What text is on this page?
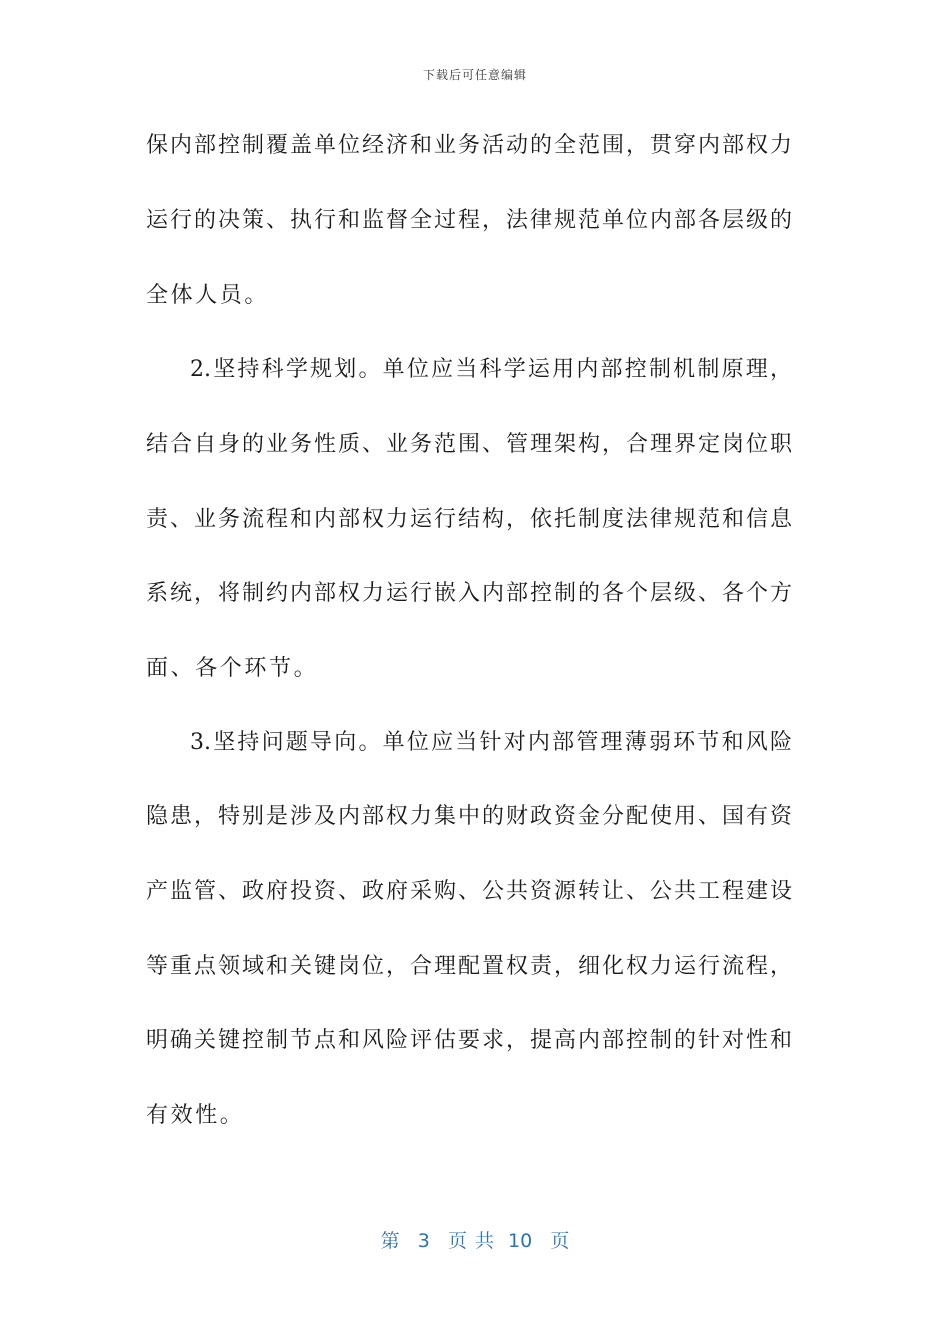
下载后可任意编辑
保内部控制覆盖单位经济和业务活动的全范围，贯穿内部权力
运行的决策、执行和监督全过程，法律规范单位内部各层级的
全体人员。
2.坚持科学规划。单位应当科学运用内部控制机制原理，
结合自身的业务性质、业务范围、管理架构，合理界定岗位职
责、业务流程和内部权力运行结构，依托制度法律规范和信息
系统，将制约内部权力运行嵌入内部控制的各个层级、各个方
面、各个环节。
3.坚持问题导向。单位应当针对内部管理薄弱环节和风险
隐患，特别是涉及内部权力集中的财政资金分配使用、国有资
产监管、政府投资、政府采购、公共资源转让、公共工程建设
等重点领域和关键岗位，合理配置权责，细化权力运行流程，
明确关键控制节点和风险评估要求，提高内部控制的针对性和
有效性。
第 3 页共 10 页
